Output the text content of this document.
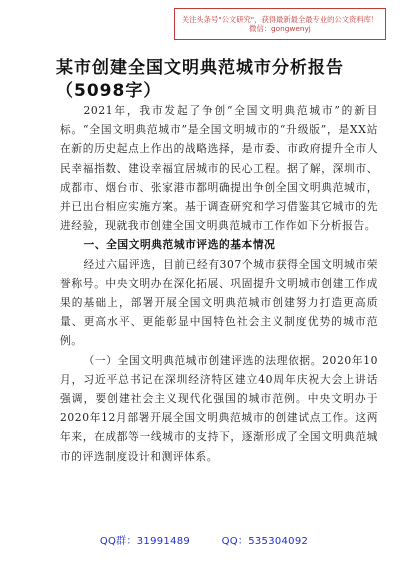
关注头条号"公文研究"，获得最新最全最专业的公文资料库！ 微信：gongwenyj
某市创建全国文明典范城市分析报告（5098字）

2021年，我市发起了争创“全国文明典范城市”的新目标。“全国文明典范城市”是全国文明城市的“升级版”，是XX站在新的历史起点上作出的战略选择，是市委、市政府提升全市人民幸福指数、建设幸福宜居城市的民心工程。据了解，深圳市、成都市、烟台市、张家港市都明确提出争创全国文明典范城市，并已出台相应实施方案。基于调查研究和学习借鉴其它城市的先进经验，现就我市创建全国文明典范城市工作作如下分析报告。

一、全国文明典范城市评选的基本情况

经过六届评选，目前已经有307个城市获得全国文明城市荣誉称号。中央文明办在深化拓展、巩固提升文明城市创建工作成果的基础上，部署开展全国文明典范城市创建努力打造更高质量、更高水平、更能彰显中国特色社会主义制度优势的城市范例。

（一）全国文明典范城市创建评选的法理依据。2020年10月，习近平总书记在深圳经济特区建立40周年庆祝大会上讲话强调，要创建社会主义现代化强国的城市范例。中央文明办于2020年12月部署开展全国文明典范城市的创建试点工作。这两年来，在成都等一线城市的支持下，逐渐形成了全国文明典范城市的评选制度设计和测评体系。

QQ群：31991489	QQ：535304092
